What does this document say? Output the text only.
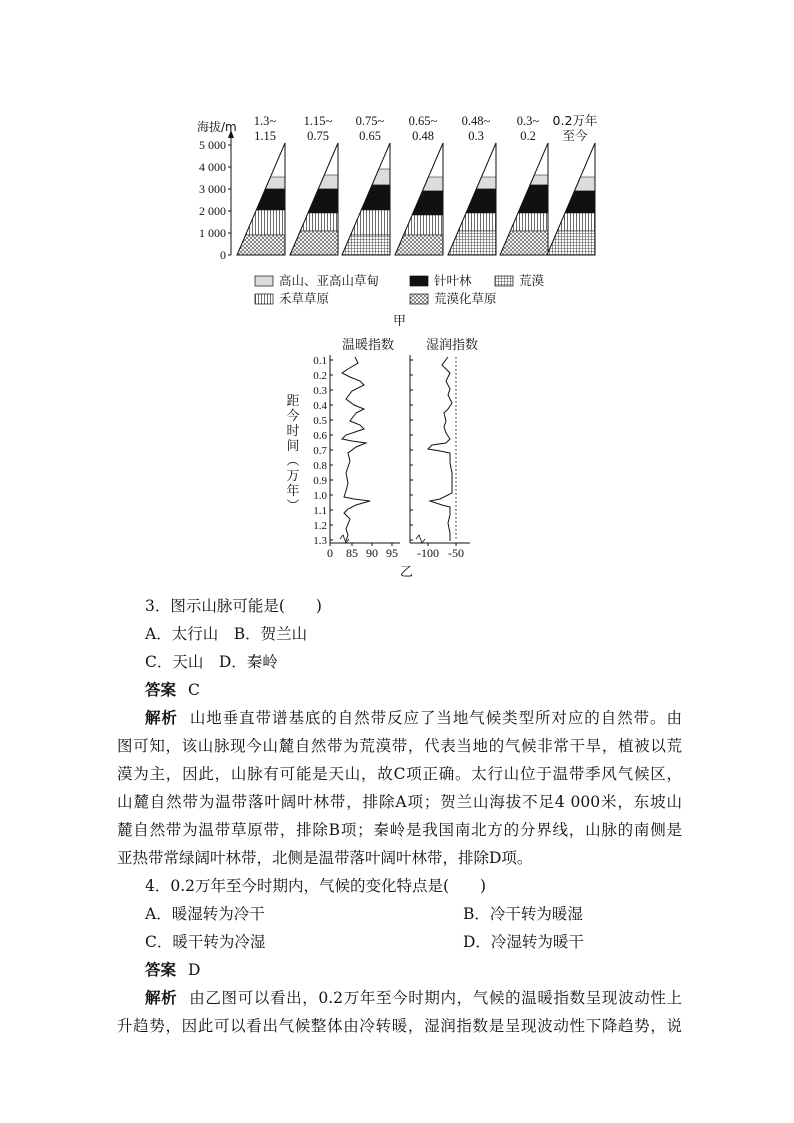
海拔/m
5 000
4 000
3 000
2 000
1 000
0
1.3~
1.15
1.15~
0.75
0.75~
0.65
0.65~
0.48
0.48~
0.3
0.3~
0.2
0.2万年
至今
高山、亚高山草甸	针叶林	荒漠
禾草草原	荒漠化草原
甲
温暖指数 湿润指数
距今时间︵万年︶
0.1
0.2
0.3
0.4
0.5
0.6
0.7
0.8
0.9
1.0
1.1
1.2
1.3
0 85 90 95 -100 -50
乙
3．图示山脉可能是(　　)
A．太行山　B．贺兰山
C．天山　D．秦岭
答案 C
解析 山地垂直带谱基底的自然带反应了当地气候类型所对应的自然带。由
图可知，该山脉现今山麓自然带为荒漠带，代表当地的气候非常干旱，植被以荒
漠为主，因此，山脉有可能是天山，故C项正确。太行山位于温带季风气候区，
山麓自然带为温带落叶阔叶林带，排除A项；贺兰山海拔不足4 000米，东坡山
麓自然带为温带草原带，排除B项；秦岭是我国南北方的分界线，山脉的南侧是
亚热带常绿阔叶林带，北侧是温带落叶阔叶林带，排除D项。
4．0.2万年至今时期内，气候的变化特点是(　　)
A．暖湿转为冷干	B．冷干转为暖湿
C．暖干转为冷湿	D．冷湿转为暖干
答案 D
解析 由乙图可以看出，0.2万年至今时期内，气候的温暖指数呈现波动性上
升趋势，因此可以看出气候整体由冷转暖，湿润指数是呈现波动性下降趋势，说
